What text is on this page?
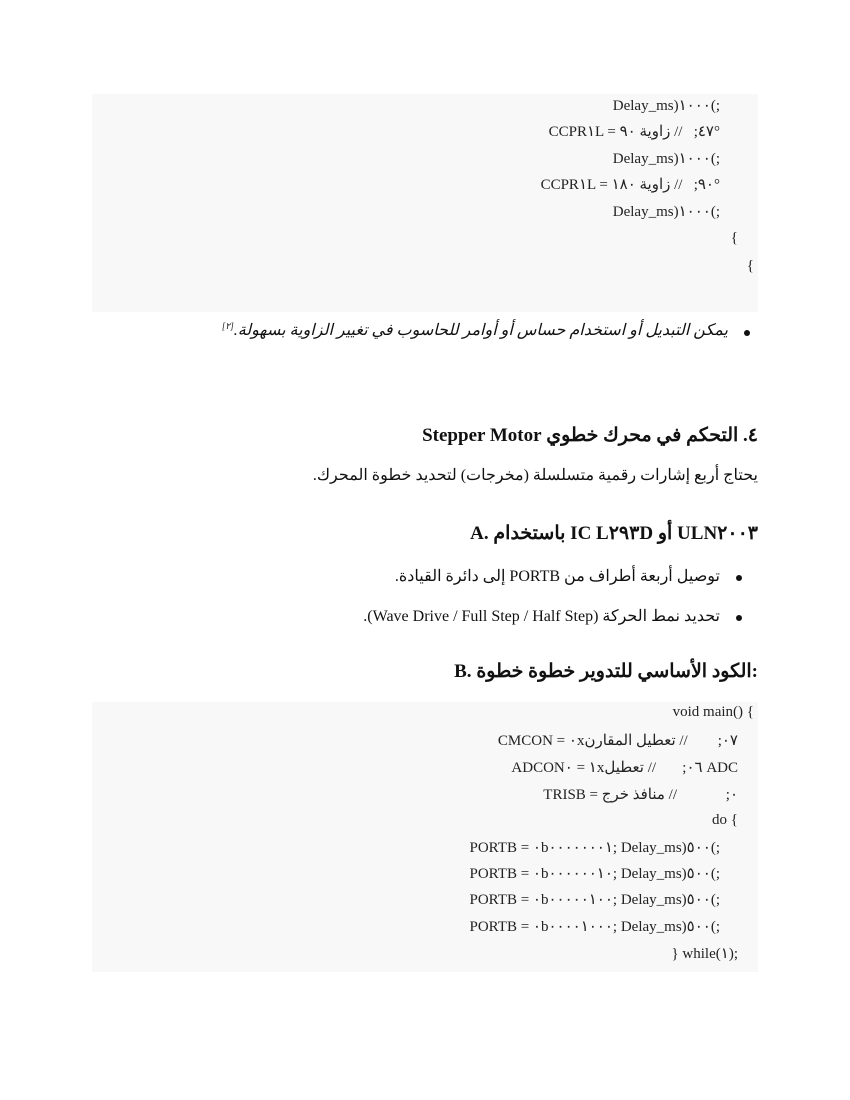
Delay_ms)١٠٠٠(;
CCPR١L = ٤٧;   // زاوية ٩٠°
Delay_ms)١٠٠٠(;
CCPR١L = ٩٠;   // زاوية ١٨٠°
Delay_ms)١٠٠٠(;
{
{
يمكن التبديل أو استخدام حساس أو أوامر للحاسوب في تغيير الزاوية بسهولة.[٢]
٤. التحكم في محرك خطوي Stepper Motor
يحتاج أربع إشارات رقمية متسلسلة (مخرجات) لتحديد خطوة المحرك.
A. باستخدام IC L٢٩٣D أو ULN٢٠٠٣
توصيل أربعة أطراف من PORTB إلى دائرة القيادة.
تحديد نمط الحركة (Wave Drive / Full Step / Half Step).
B. الكود الأساسي للتدوير خطوة خطوة:
void main() {
CMCON = ٠x٠٧;        // تعطيل المقارن
ADCON١ = ٠x٠٦;       // تعطيل ADC
TRISB = ٠;             // منافذ خرج
do {
PORTB = ٠b٠٠٠٠٠٠٠١; Delay_ms)٥٠٠(;
PORTB = ٠b٠٠٠٠٠٠١٠; Delay_ms)٥٠٠(;
PORTB = ٠b٠٠٠٠٠١٠٠; Delay_ms)٥٠٠(;
PORTB = ٠b٠٠٠٠١٠٠٠; Delay_ms)٥٠٠(;
} while(١);
